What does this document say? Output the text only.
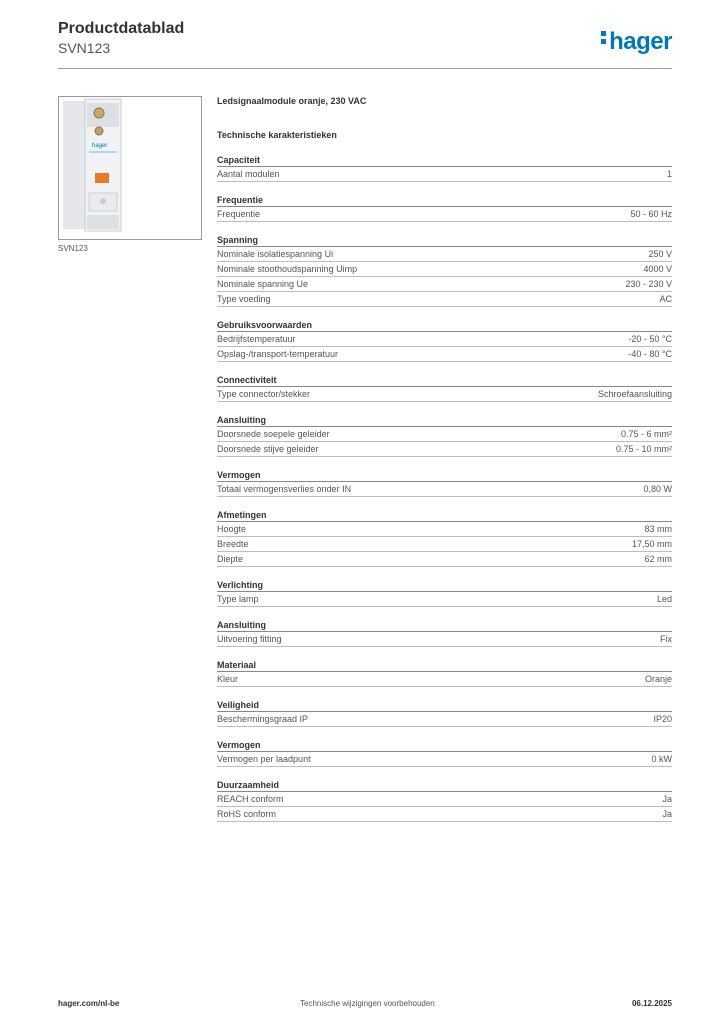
Productdatablad
SVN123	hager
hager
SVN123
Ledsignaalmodule oranje, 230 VAC
Technische karakteristieken
Capaciteit
Aantal modulen	1
Frequentie
Frequentie	50 - 60 Hz
Spanning
Nominale isolatiespanning Ui	250 V
Nominale stoothoudspanning Uimp	4000 V
Nominale spanning Ue	230 - 230 V
Type voeding	AC
Gebruiksvoorwaarden
Bedrijfstemperatuur	-20 - 50 °C
Opslag-/transport-temperatuur	-40 - 80 °C
Connectiviteit
Type connector/stekker	Schroefaansluiting
Aansluiting
Doorsnede soepele geleider	0.75 - 6 mm²
Doorsnede stijve geleider	0.75 - 10 mm²
Vermogen
Totaal vermogensverlies onder IN	0,80 W
Afmetingen
Hoogte	83 mm
Breedte	17,50 mm
Diepte	62 mm
Verlichting
Type lamp	Led
Aansluiting
Uitvoering fitting	Fix
Materiaal
Kleur	Oranje
Veiligheid
Beschermingsgraad IP	IP20
Vermogen
Vermogen per laadpunt	0 kW
Duurzaamheid
REACH conform	Ja
RoHS conform	Ja
hager.com/nl-be	Technische wijzigingen voorbehouden	06.12.2025
